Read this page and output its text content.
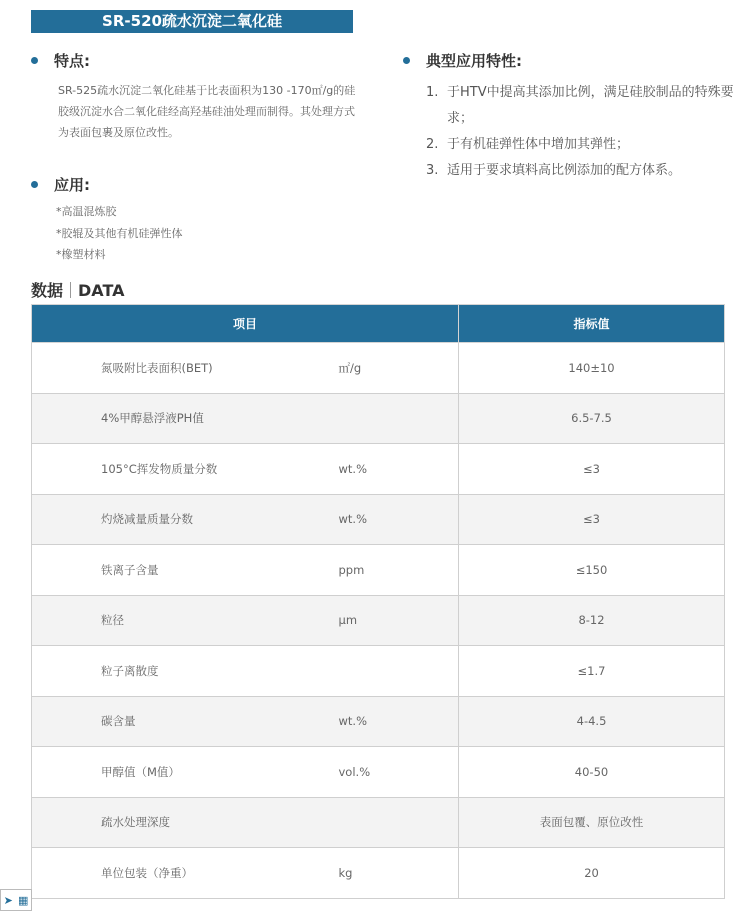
SR-520疏水沉淀二氧化硅
特点:
SR-525疏水沉淀二氧化硅基于比表面积为130 -170㎡/g的硅胶级沉淀水合二氧化硅经高羟基硅油处理而制得。其处理方式为表面包裹及原位改性。
应用:
*高温混炼胶
*胶辊及其他有机硅弹性体
*橡塑材料
典型应用特性:
1. 于HTV中提高其添加比例，满足硅胶制品的特殊要求；
2. 于有机硅弹性体中增加其弹性；
3. 适用于要求填料高比例添加的配方体系。
数据 DATA
项目		指标值
氮吸附比表面积(BET)	㎡/g	140±10
4%甲醇悬浮液PH值		6.5-7.5
105°C挥发物质量分数	wt.%	≤3
灼烧减量质量分数	wt.%	≤3
铁离子含量	ppm	≤150
粒径	μm	8-12
粒子离散度		≤1.7
碳含量	wt.%	4-4.5
甲醇值（M值）	vol.%	40-50
疏水处理深度		表面包覆、原位改性
单位包装（净重）	kg	20
➤ ▦
